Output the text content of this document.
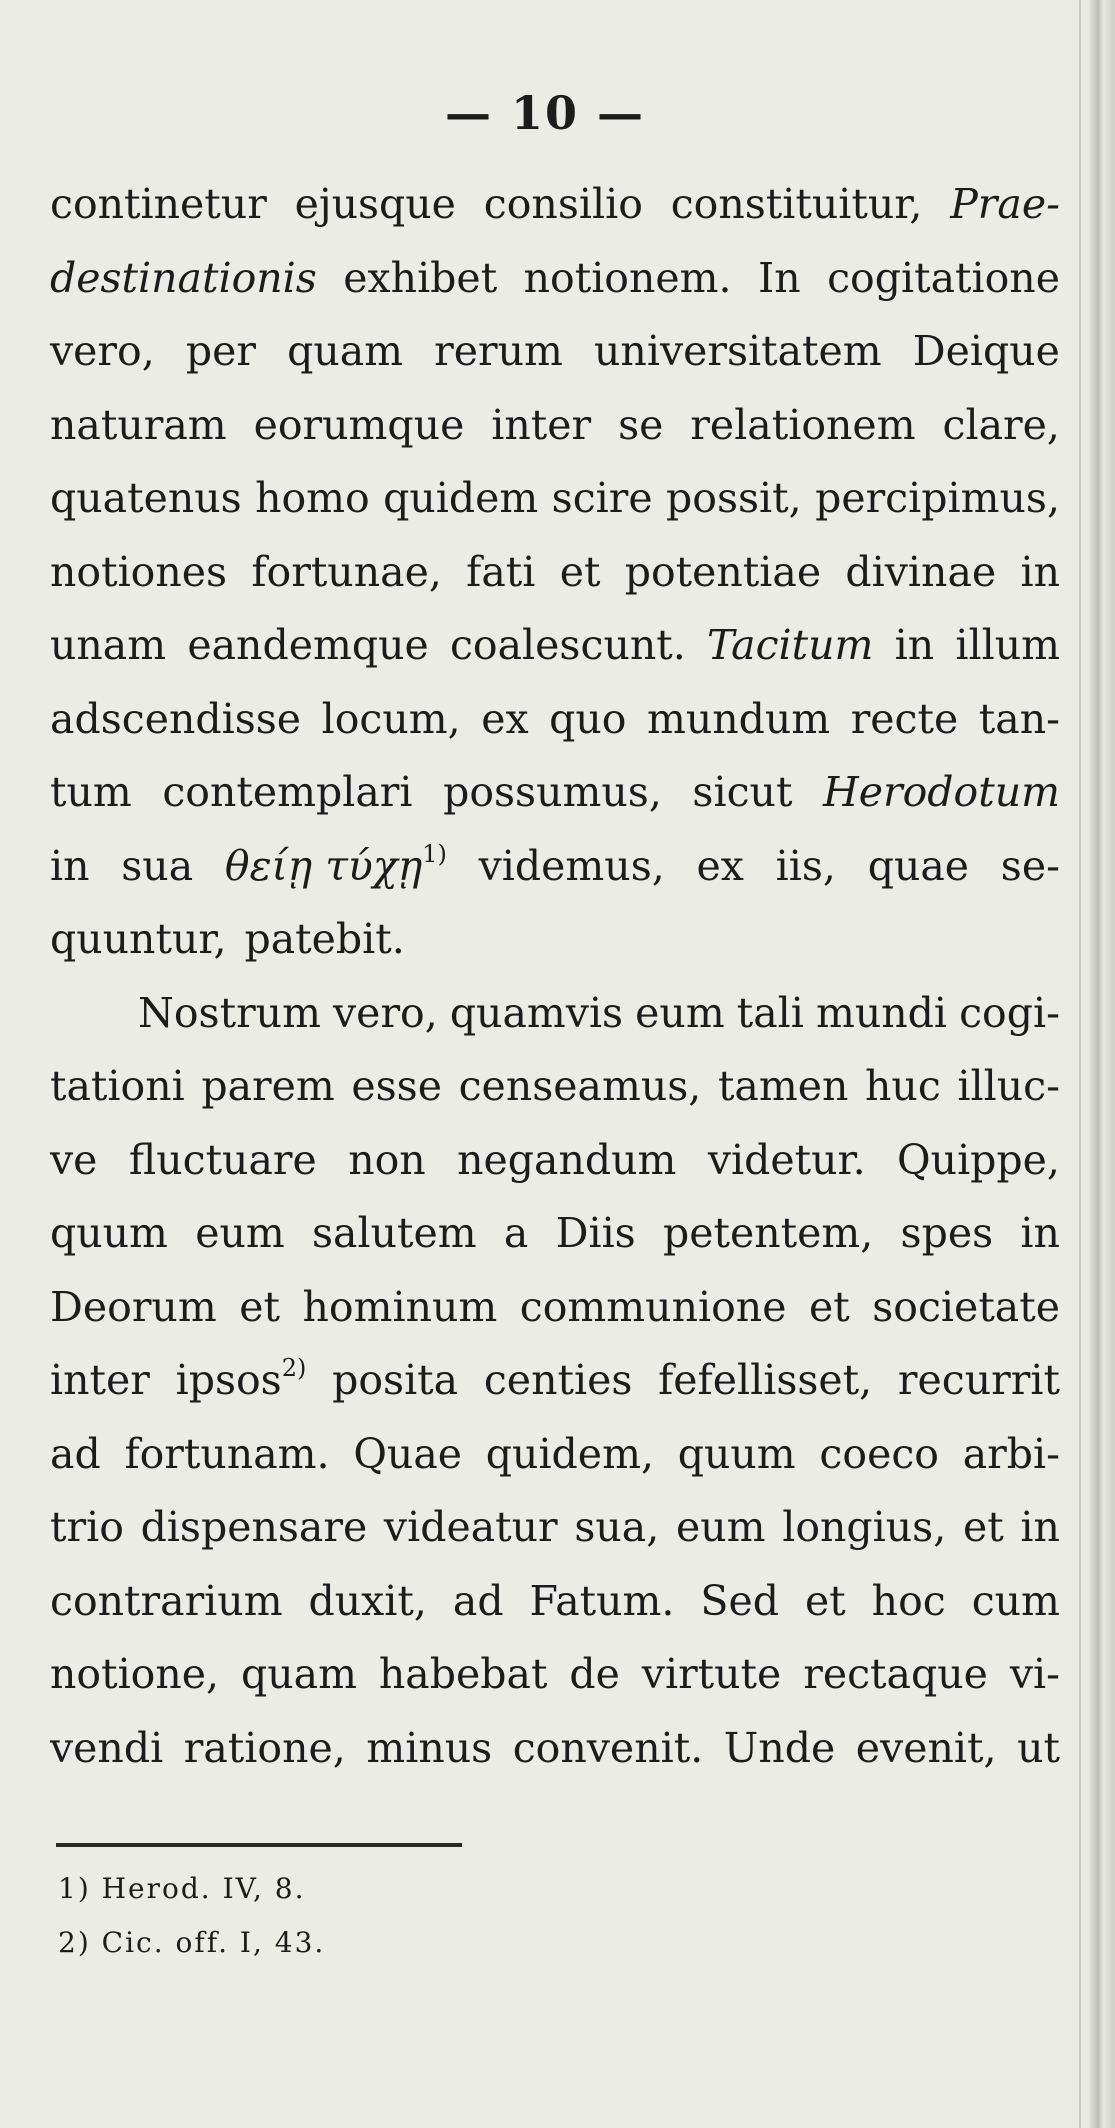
— 10 —
continetur ejusque consilio constituitur, Prae-
destinationis exhibet notionem. In cogitatione
vero, per quam rerum universitatem Deique
naturam eorumque inter se relationem clare,
quatenus homo quidem scire possit, percipimus,
notiones fortunae, fati et potentiae divinae in
unam eandemque coalescunt. Tacitum in illum
adscendisse locum, ex quo mundum recte tan-
tum contemplari possumus, sicut Herodotum
in sua θείῃ τύχῃ$^{1)}$ videmus, ex iis, quae se-
quuntur, patebit.
Nostrum vero, quamvis eum tali mundi cogi-
tationi parem esse censeamus, tamen huc illuc-
ve fluctuare non negandum videtur. Quippe,
quum eum salutem a Diis petentem, spes in
Deorum et hominum communione et societate
inter ipsos$^{2)}$ posita centies fefellisset, recurrit
ad fortunam. Quae quidem, quum coeco arbi-
trio dispensare videatur sua, eum longius, et in
contrarium duxit, ad Fatum. Sed et hoc cum
notione, quam habebat de virtute rectaque vi-
vendi ratione, minus convenit. Unde evenit, ut
1) Herod. IV, 8.
2) Cic. off. I, 43.
